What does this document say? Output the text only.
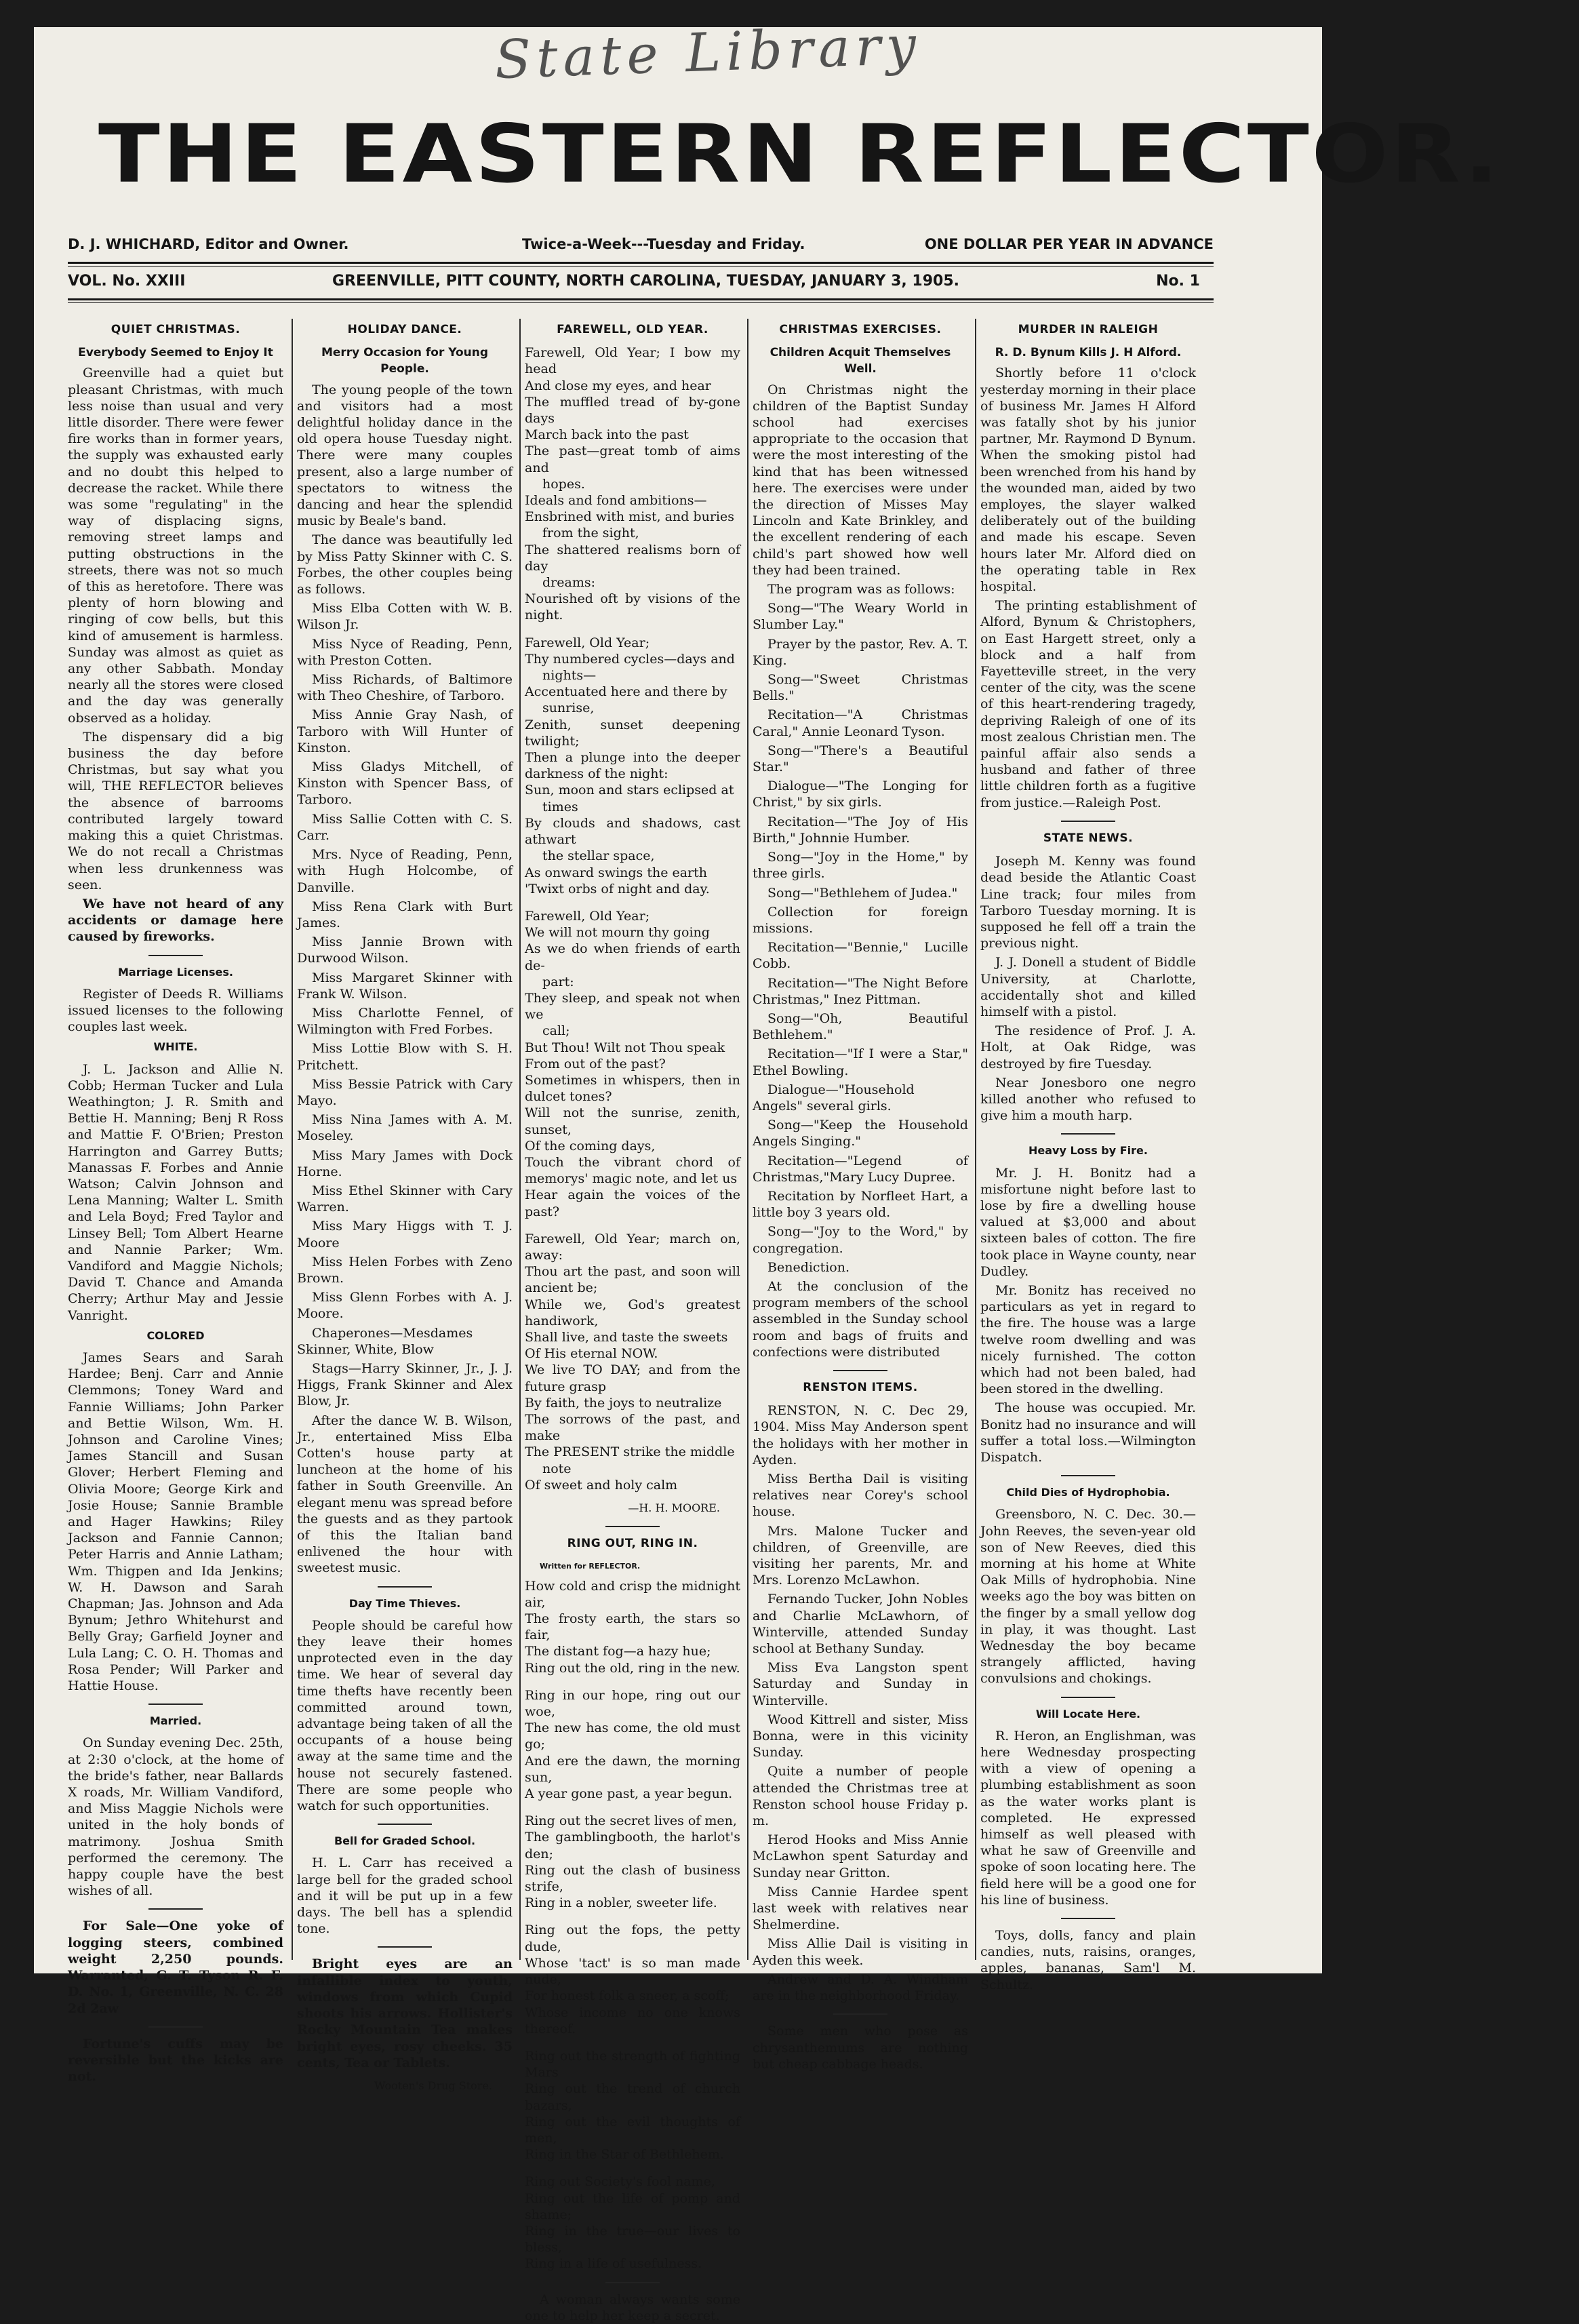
State Library
THE EASTERN REFLECTOR.
D. J. WHICHARD, Editor and Owner.	Twice-a-Week---Tuesday and Friday.	ONE DOLLAR PER YEAR IN ADVANCE
VOL. No. XXIII	GREENVILLE, PITT COUNTY, NORTH CAROLINA, TUESDAY, JANUARY 3, 1905.	No. 1
QUIET CHRISTMAS.
Everybody Seemed to Enjoy It

Greenville had a quiet but pleasant Christmas, with much less noise than usual and very little disorder. There were fewer fire works than in former years, the supply was exhausted early and no doubt this helped to decrease the racket. While there was some "regulating" in the way of displacing signs, removing street lamps and putting obstructions in the streets, there was not so much of this as heretofore. There was plenty of horn blowing and ringing of cow bells, but this kind of amusement is harmless. Sunday was almost as quiet as any other Sabbath. Monday nearly all the stores were closed and the day was generally observed as a holiday.

The dispensary did a big business the day before Christmas, but say what you will, THE REFLECTOR believes the absence of barrooms contributed largely toward making this a quiet Christmas. We do not recall a Christmas when less drunkenness was seen.

We have not heard of any accidents or damage here caused by fireworks.

Marriage Licenses.

Register of Deeds R. Williams issued licenses to the following couples last week.

WHITE.

J. L. Jackson and Allie N. Cobb; Herman Tucker and Lula Weathington; J. R. Smith and Bettie H. Manning; Benj R Ross and Mattie F. O'Brien; Preston Harrington and Garrey Butts; Manassas F. Forbes and Annie Watson; Calvin Johnson and Lena Manning; Walter L. Smith and Lela Boyd; Fred Taylor and Linsey Bell; Tom Albert Hearne and Nannie Parker; Wm. Vandiford and Maggie Nichols; David T. Chance and Amanda Cherry; Arthur May and Jessie Vanright.

COLORED

James Sears and Sarah Hardee; Benj. Carr and Annie Clemmons; Toney Ward and Fannie Williams; John Parker and Bettie Wilson, Wm. H. Johnson and Caroline Vines; James Stancill and Susan Glover; Herbert Fleming and Olivia Moore; George Kirk and Josie House; Sannie Bramble and Hager Hawkins; Riley Jackson and Fannie Cannon; Peter Harris and Annie Latham; Wm. Thigpen and Ida Jenkins; W. H. Dawson and Sarah Chapman; Jas. Johnson and Ada Bynum; Jethro Whitehurst and Belly Gray; Garfield Joyner and Lula Lang; C. O. H. Thomas and Rosa Pender; Will Parker and Hattie House.

Married.

On Sunday evening Dec. 25th, at 2:30 o'clock, at the home of the bride's father, near Ballards X roads, Mr. William Vandiford, and Miss Maggie Nichols were united in the holy bonds of matrimony. Joshua Smith performed the ceremony. The happy couple have the best wishes of all.

For Sale—One yoke of logging steers, combined weight 2,250 pounds. Warranted, G. T. Tyson R. F. D. No. 1, Greenville, N. C. 28 2d 2aw

Fortune's cuffs may be reversible but the kicks are not.

HOLIDAY DANCE.
Merry Occasion for Young People.

The young people of the town and visitors had a most delightful holiday dance in the old opera house Tuesday night. There were many couples present, also a large number of spectators to witness the dancing and hear the splendid music by Beale's band.

The dance was beautifully led by Miss Patty Skinner with C. S. Forbes, the other couples being as follows.

Miss Elba Cotten with W. B. Wilson Jr.

Miss Nyce of Reading, Penn, with Preston Cotten.

Miss Richards, of Baltimore with Theo Cheshire, of Tarboro.

Miss Annie Gray Nash, of Tarboro with Will Hunter of Kinston.

Miss Gladys Mitchell, of Kinston with Spencer Bass, of Tarboro.

Miss Sallie Cotten with C. S. Carr.

Mrs. Nyce of Reading, Penn, with Hugh Holcombe, of Danville.

Miss Rena Clark with Burt James.

Miss Jannie Brown with Durwood Wilson.

Miss Margaret Skinner with Frank W. Wilson.

Miss Charlotte Fennel, of Wilmington with Fred Forbes.

Miss Lottie Blow with S. H. Pritchett.

Miss Bessie Patrick with Cary Mayo.

Miss Nina James with A. M. Moseley.

Miss Mary James with Dock Horne.

Miss Ethel Skinner with Cary Warren.

Miss Mary Higgs with T. J. Moore

Miss Helen Forbes with Zeno Brown.

Miss Glenn Forbes with A. J. Moore.

Chaperones—Mesdames Skinner, White, Blow

Stags—Harry Skinner, Jr., J. J. Higgs, Frank Skinner and Alex Blow, Jr.

After the dance W. B. Wilson, Jr., entertained Miss Elba Cotten's house party at luncheon at the home of his father in South Greenville. An elegant menu was spread before the guests and as they partook of this the Italian band enlivened the hour with sweetest music.

Day Time Thieves.

People should be careful how they leave their homes unprotected even in the day time. We hear of several day time thefts have recently been committed around town, advantage being taken of all the occupants of a house being away at the same time and the house not securely fastened. There are some people who watch for such opportunities.

Bell for Graded School.

H. L. Carr has received a large bell for the graded school and it will be put up in a few days. The bell has a splendid tone.

Bright eyes are an infallible index to youth, windows from which Cupid shoots his arrows. Hollister's Rocky Mountain Tea makes bright eyes, rosy cheeks. 35 cents, Tea or Tablets.

Wooten's Drug Store.

FAREWELL, OLD YEAR.

Farewell, Old Year; I bow my head

And close my eyes, and hear

The muffled tread of by-gone days

March back into the past

The past—great tomb of aims and

hopes.

Ideals and fond ambitions—

Ensbrined with mist, and buries

from the sight,

The shattered realisms born of day

dreams:

Nourished oft by visions of the night.

Farewell, Old Year;

Thy numbered cycles—days and

nights—

Accentuated here and there by

sunrise,

Zenith, sunset deepening twilight;

Then a plunge into the deeper darkness of the night:

Sun, moon and stars eclipsed at

times

By clouds and shadows, cast athwart

the stellar space,

As onward swings the earth

'Twixt orbs of night and day.

Farewell, Old Year;

We will not mourn thy going

As we do when friends of earth de-

part:

They sleep, and speak not when we

call;

But Thou! Wilt not Thou speak

From out of the past?

Sometimes in whispers, then in dulcet tones?

Will not the sunrise, zenith, sunset,

Of the coming days,

Touch the vibrant chord of memorys' magic note, and let us

Hear again the voices of the past?

Farewell, Old Year; march on, away:

Thou art the past, and soon will ancient be;

While we, God's greatest handiwork,

Shall live, and taste the sweets

Of His eternal NOW.

We live TO DAY; and from the future grasp

By faith, the joys to neutralize

The sorrows of the past, and make

The PRESENT strike the middle

note

Of sweet and holy calm

—H. H. MOORE.

RING OUT, RING IN.

Written for REFLECTOR.

How cold and crisp the midnight air,

The frosty earth, the stars so fair,

The distant fog—a hazy hue;

Ring out the old, ring in the new.

Ring in our hope, ring out our woe,

The new has come, the old must go;

And ere the dawn, the morning sun,

A year gone past, a year begun.

Ring out the secret lives of men,

The gamblingbooth, the harlot's den;

Ring out the clash of business strife,

Ring in a nobler, sweeter life.

Ring out the fops, the petty dude,

Whose 'tact' is so man made nude,

For honest folk a sneer, a scoff;

Whose income no one knows thereof.

Ring out the strength of fighting Mars

Ring out the trend of church bazars,

Ring out the evil thoughts of men,

Ring in the Star of Bethlehem.

Ring out Society's fool name,

Ring out the life of pomp and shame;

Ring in the true—our lives to bless,

Ring in a life of usefulness.

A woman always wants some one to help her keep a secret.

CHRISTMAS EXERCISES.
Children Acquit Themselves Well.

On Christmas night the children of the Baptist Sunday school had exercises appropriate to the occasion that were the most interesting of the kind that has been witnessed here. The exercises were under the direction of Misses May Lincoln and Kate Brinkley, and the excellent rendering of each child's part showed how well they had been trained.

The program was as follows:

Song—"The Weary World in Slumber Lay."

Prayer by the pastor, Rev. A. T. King.

Song—"Sweet Christmas Bells."

Recitation—"A Christmas Caral," Annie Leonard Tyson.

Song—"There's a Beautiful Star."

Dialogue—"The Longing for Christ," by six girls.

Recitation—"The Joy of His Birth," Johnnie Humber.

Song—"Joy in the Home," by three girls.

Song—"Bethlehem of Judea."

Collection for foreign missions.

Recitation—"Bennie," Lucille Cobb.

Recitation—"The Night Before Christmas," Inez Pittman.

Song—"Oh, Beautiful Bethlehem."

Recitation—"If I were a Star," Ethel Bowling.

Dialogue—"Household Angels" several girls.

Song—"Keep the Household Angels Singing."

Recitation—"Legend of Christmas,"Mary Lucy Dupree.

Recitation by Norfleet Hart, a little boy 3 years old.

Song—"Joy to the Word," by congregation.

Benediction.

At the conclusion of the program members of the school assembled in the Sunday school room and bags of fruits and confections were distributed

RENSTON ITEMS.

RENSTON, N. C. Dec 29, 1904. Miss May Anderson spent the holidays with her mother in Ayden.

Miss Bertha Dail is visiting relatives near Corey's school house.

Mrs. Malone Tucker and children, of Greenville, are visiting her parents, Mr. and Mrs. Lorenzo McLawhon.

Fernando Tucker, John Nobles and Charlie McLawhorn, of Winterville, attended Sunday school at Bethany Sunday.

Miss Eva Langston spent Saturday and Sunday in Winterville.

Wood Kittrell and sister, Miss Bonna, were in this vicinity Sunday.

Quite a number of people attended the Christmas tree at Renston school house Friday p. m.

Herod Hooks and Miss Annie McLawhon spent Saturday and Sunday near Gritton.

Miss Cannie Hardee spent last week with relatives near Shelmerdine.

Miss Allie Dail is visiting in Ayden this week.

Andrew and D. A. Windham are in the neighborhood Friday.

Some men who pose as chrysanthemums are nothing but cheap cabbage heads.

MURDER IN RALEIGH
R. D. Bynum Kills J. H Alford.

Shortly before 11 o'clock yesterday morning in their place of business Mr. James H Alford was fatally shot by his junior partner, Mr. Raymond D Bynum. When the smoking pistol had been wrenched from his hand by the wounded man, aided by two employes, the slayer walked deliberately out of the building and made his escape. Seven hours later Mr. Alford died on the operating table in Rex hospital.

The printing establishment of Alford, Bynum & Christophers, on East Hargett street, only a block and a half from Fayetteville street, in the very center of the city, was the scene of this heart-rendering tragedy, depriving Raleigh of one of its most zealous Christian men. The painful affair also sends a husband and father of three little children forth as a fugitive from justice.—Raleigh Post.

STATE NEWS.

Joseph M. Kenny was found dead beside the Atlantic Coast Line track; four miles from Tarboro Tuesday morning. It is supposed he fell off a train the previous night.

J. J. Donell a student of Biddle University, at Charlotte, accidentally shot and killed himself with a pistol.

The residence of Prof. J. A. Holt, at Oak Ridge, was destroyed by fire Tuesday.

Near Jonesboro one negro killed another who refused to give him a mouth harp.

Heavy Loss by Fire.

Mr. J. H. Bonitz had a misfortune night before last to lose by fire a dwelling house valued at $3,000 and about sixteen bales of cotton. The fire took place in Wayne county, near Dudley.

Mr. Bonitz has received no particulars as yet in regard to the fire. The house was a large twelve room dwelling and was nicely furnished. The cotton which had not been baled, had been stored in the dwelling.

The house was occupied. Mr. Bonitz had no insurance and will suffer a total loss.—Wilmington Dispatch.

Child Dies of Hydrophobia.

Greensboro, N. C. Dec. 30.—John Reeves, the seven-year old son of New Reeves, died this morning at his home at White Oak Mills of hydrophobia. Nine weeks ago the boy was bitten on the finger by a small yellow dog in play, it was thought. Last Wednesday the boy became strangely afflicted, having convulsions and chokings.

Will Locate Here.

R. Heron, an Englishman, was here Wednesday prospecting with a view of opening a plumbing establishment as soon as the water works plant is completed. He expressed himself as well pleased with what he saw of Greenville and spoke of soon locating here. The field here will be a good one for his line of business.

Toys, dolls, fancy and plain candies, nuts, raisins, oranges, apples, bananas, Sam'l M. Schultz.
